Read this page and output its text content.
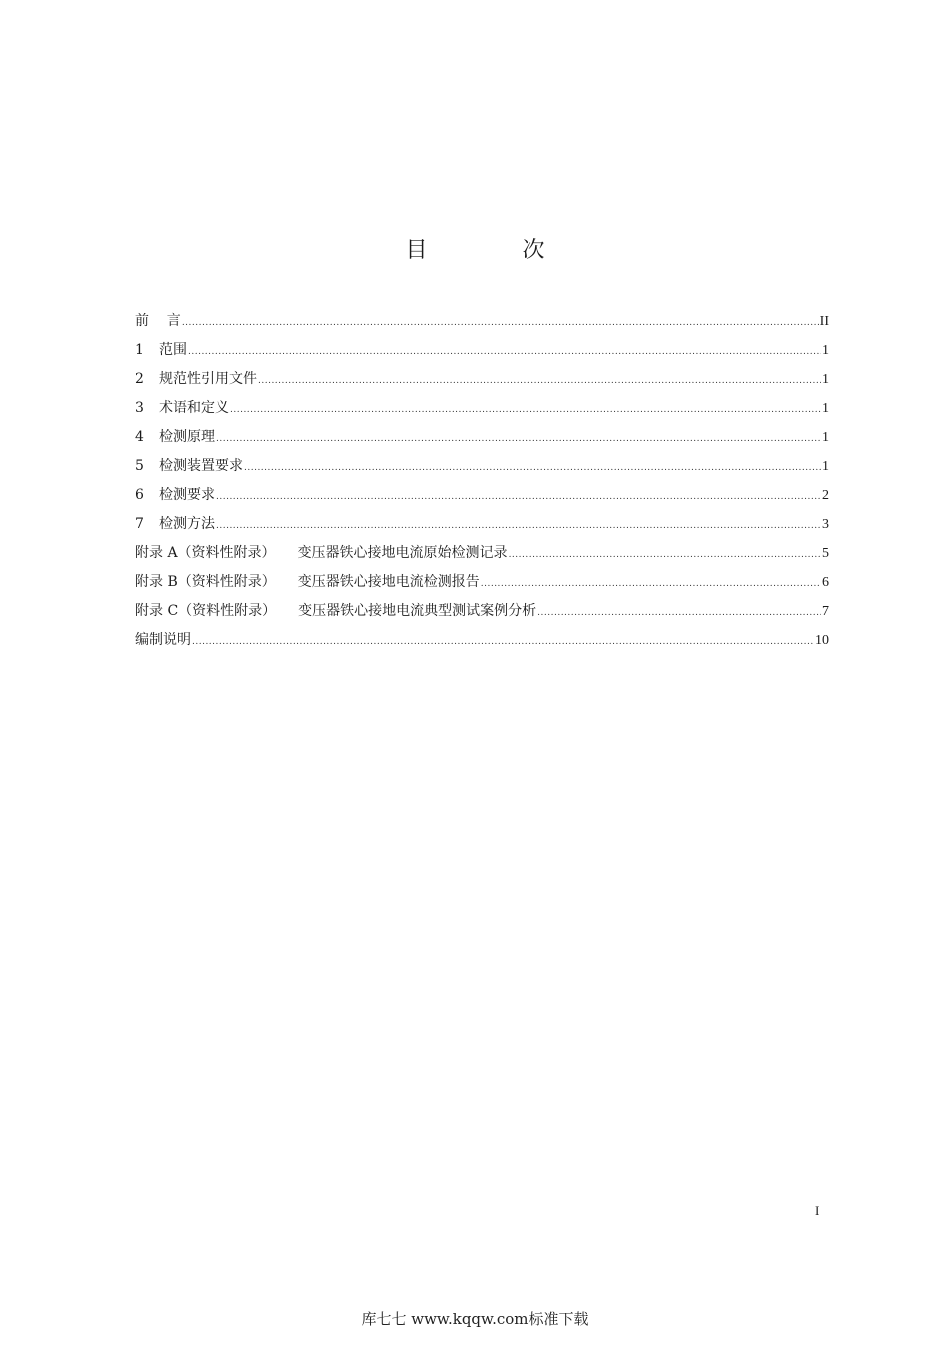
目 次
前    言 .....	II
1 范围 .....	1
2 规范性引用文件 .....	1
3 术语和定义 .....	1
4 检测原理 .....	1
5 检测装置要求 .....	1
6 检测要求 .....	2
7 检测方法 .....	3
附录 A（资料性附录） 变压器铁心接地电流原始检测记录 .....	5
附录 B（资料性附录） 变压器铁心接地电流检测报告 .....	6
附录 C（资料性附录） 变压器铁心接地电流典型测试案例分析 .....	7
编制说明 .....	10
I
库七七 www.kqqw.com标准下载
